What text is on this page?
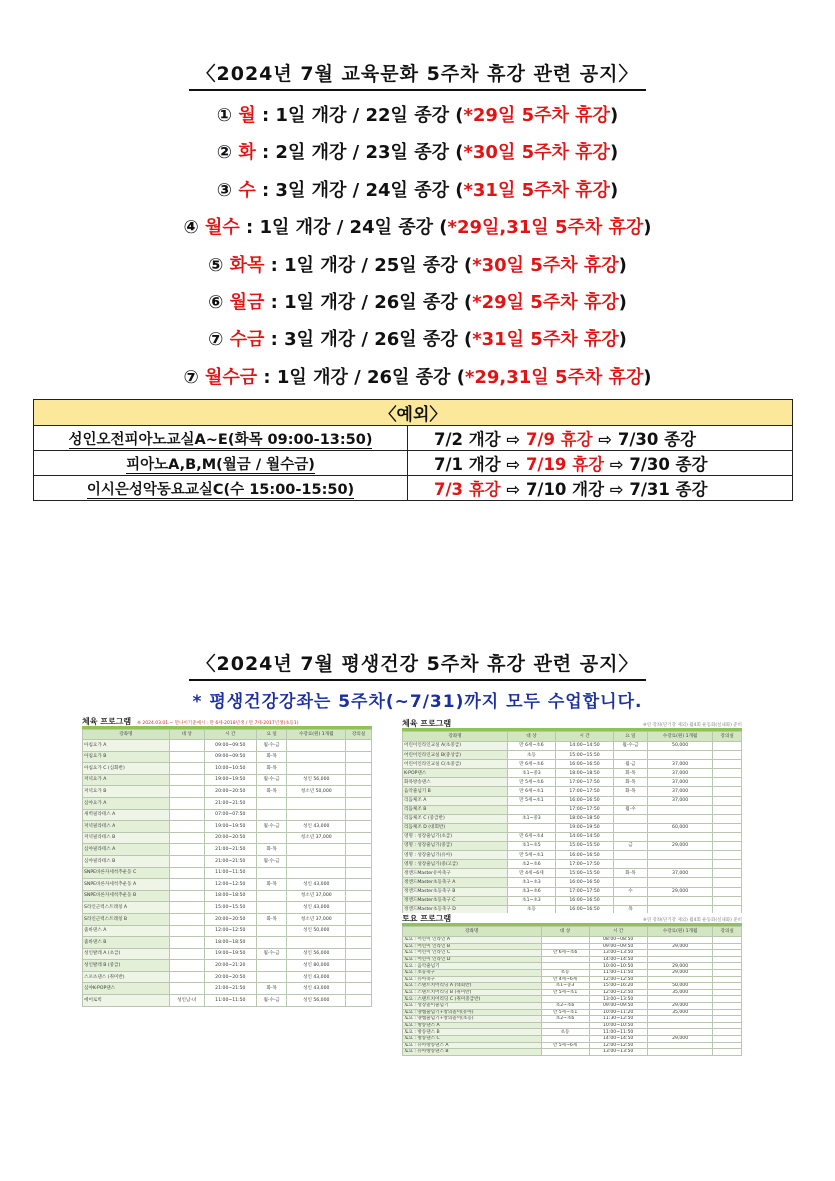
〈2024년 7월 교육문화 5주차 휴강 관련 공지〉
① 월 : 1일 개강 / 22일 종강 (*29일 5주차 휴강)
② 화 : 2일 개강 / 23일 종강 (*30일 5주차 휴강)
③ 수 : 3일 개강 / 24일 종강 (*31일 5주차 휴강)
④ 월수 : 1일 개강 / 24일 종강 (*29일,31일 5주차 휴강)
⑤ 화목 : 1일 개강 / 25일 종강 (*30일 5주차 휴강)
⑥ 월금 : 1일 개강 / 26일 종강 (*29일 5주차 휴강)
⑦ 수금 : 3일 개강 / 26일 종강 (*31일 5주차 휴강)
⑦ 월수금 : 1일 개강 / 26일 종강 (*29,31일 5주차 휴강)
〈예외〉	
성인오전피아노교실A~E(화목 09:00-13:50)	7/2 개강 ⇨ 7/9 휴강 ⇨ 7/30 종강
피아노A,B,M(월금 / 월수금)	7/1 개강 ⇨ 7/19 휴강 ⇨ 7/30 종강
이시은성악동요교실C(수 15:00-15:50)	7/3 휴강 ⇨ 7/10 개강 ⇨ 7/31 종강
〈2024년 7월 평생건강 5주차 휴강 관련 공지〉
* 평생건강강좌는 5주차(~7/31)까지 모두 수업합니다.
체육 프로그램 ※ 2024.03.01.~ 만나이기준예시 : 만 6세-2018년생 / 만 7세-2017년생(초등1)
강좌명	대 상	시 간	요 일	수강료(원) 1개월	강의실
아침요가 A		09:00~09:50	월·수·금		
아침요가 B		09:00~09:50	화·목		
아침요가 C (심화반)		10:00~10:50	화·목		
저녁요가 A		19:00~19:50	월·수·금	성인 56,000	
저녁요가 B		20:00~20:50	화·목	청소년 50,000	
심야요가 A		21:00~21:50			
새벽필라테스 A		07:00~07:50			
저녁필라테스 A		19:00~19:50	월·수·금	성인 43,000	
저녁필라테스 B		20:00~20:50		청소년 37,000	
심야필라테스 A		21:00~21:50	화·목		
심야필라테스 B		21:00~21:50	월·수·금		
SNPE바른자세척추운동 C		11:00~11:50			
SNPE바른자세척추운동 A		12:00~12:50	화·목	성인 43,000	
SNPE바른자세척추운동 B		18:00~18:50		청소년 37,000	
S라인근력스트레칭 A		15:00~15:50		성인 43,000	
S라인근력스트레칭 B		20:00~20:50	화·목	청소년 37,000	
줌바댄스 A		12:00~12:50		성인 50,000	
줌바댄스 B		18:00~18:50			
성인발레 A (초급)		19:00~19:50	월·수·금	성인 56,000	
성인발레 B (중급)		20:00~21:20		성인 80,000	
스포츠댄스 (취미반)		20:00~20:50		성인 43,000	
심야K-POP댄스		21:00~21:50	화·목	성인 43,000	
에어로빅	성인남·녀	11:00~11:50	월·수·금	성인 56,000	
체육 프로그램	※연 강좌(단기강 제외) 월4회 운동화(실내화) 준비
강좌명	대 상	시 간	요 일	수강료(원) 1개월	강의실
어린이인라인교실 A(초중급)	만 6세~초6	14:00~14:50	월·수·금	50,000	
어린이인라인교실 B(중상급)	초등	15:00~15:50			
어린이인라인교실 C(초중급)	만 6세~초6	16:00~16:50	월·금	37,000	
K-POP댄스	초1~중3	18:00~18:50	화·목	37,000	
화목방송댄스	만 5세~초6	17:00~17:50	화·목	37,000	
음악줄넘기 B	만 6세~초1	17:00~17:50	화·목	37,000	
리듬체조 A	만 5세~초1	16:00~16:50		37,000	
리듬체조 B		17:00~17:50	월·수		
리듬체조 C (중급반)	초1~중3	18:00~18:50			
리듬체조 D (대회반)		19:00~19:50		60,000	
영명 : 성장줄넘기(초급)	만 6세~초4	14:00~14:50			
영명 : 성장줄넘기(중급)	초1~초5	15:00~15:50	금	29,000	
영명 : 성장줄넘기(유아)	만 5세~초1	16:00~16:50			
영명 : 성장줄넘기(중/고급)	초2~초6	17:00~17:50			
정앤드Master유아축구	만 4세~6세	15:00~15:50	화·목	37,000	
정앤드Master초등축구 A	초1~초3	16:00~16:50			
정앤드Master초등축구 B	초3~초6	17:00~17:50	수	29,000	
정앤드Master초등축구 C	초1~초3	16:00~16:50			
정앤드Master초등축구 D	초등	16:00~16:50	목		
토요 프로그램	※연 강좌(단기강 제외) 월4회 운동화(실내화) 준비
강좌명	대 상	시 간	수강료(원) 1개월	강의실
토요 : 어린이 인라인 A		08:00~08:50		
토요 : 어린이 인라인 B		09:00~09:50	29,000	
토요 : 어린이 인라인 C	만 6세~초6	13:00~13:50		
토요 : 어린이 인라인 D		14:00~14:50		
토요 : 음악줄넘기		10:00~10:50	29,000	
토요 : 초등축구	초등	11:00~11:50	29,000	
토요 : 유아축구	만 4세~6세	12:00~12:50		
토요 : 스탠트치어리딩 A (대회반)	초1~중3	15:00~16:20	50,000	
토요 : 스탠트치어리딩 B (취미반)	만 5세~초1	12:00~12:50	35,000	
토요 : 스탠트치어리딩 C (취미중급반)		13:00~13:50		
토요 : 성장놀이줄넘기	초2~초6	09:00~09:50	29,000	
토요 : 양쌤줄넘기+창의놀이(유아)	만 5세~초1	10:00~11:20	35,000	
토요 : 양쌤줄넘기+창의놀이(초등)	초2~초6	11:30~12:50		
토요 : 방송댄스 A		10:00~10:50		
토요 : 방송댄스 B	초등	11:00~11:50		
토요 : 방송댄스 C		14:00~14:50	29,000	
토요 : 유아방송댄스 A	만 5세~6세	12:00~12:50		
토요 : 유아방송댄스 B		13:00~13:50		
